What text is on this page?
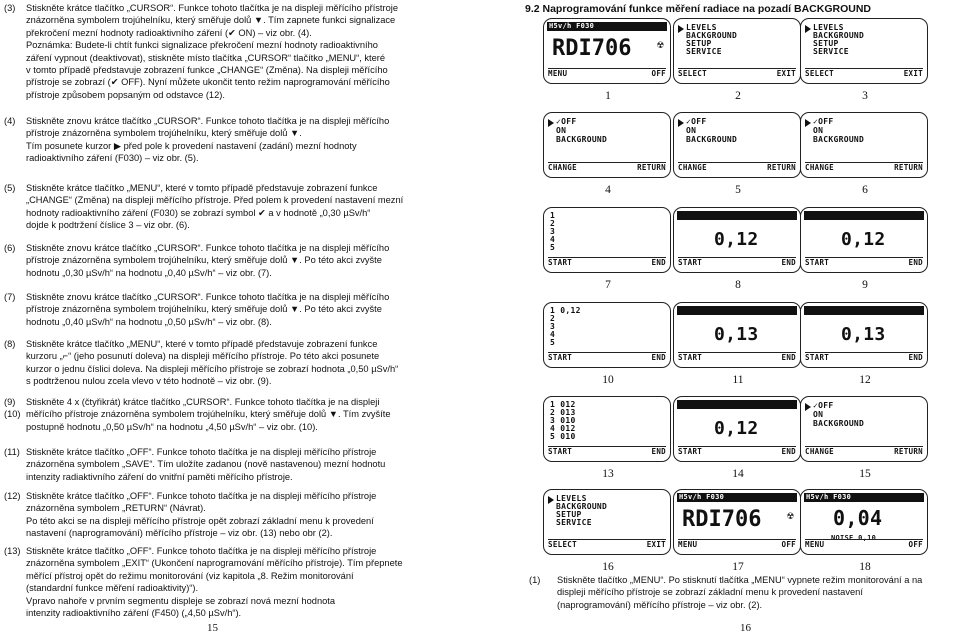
(3) Stiskněte krátce tlačítko „CURSOR“. Funkce tohoto tlačítka je na displeji měřícího přístroje
znázorněna symbolem trojúhelníku, který směřuje dolů ▼. Tím zapnete funkci signalizace
překročení mezní hodnoty radioaktivního záření (✔ ON) – viz obr. (4).
Poznámka: Budete-li chtít funkci signalizace překročení mezní hodnoty radioaktivního
záření vypnout (deaktivovat), stiskněte místo tlačítka „CURSOR“ tlačítko „MENU“, které
v tomto případě představuje zobrazení funkce „CHANGE“ (Změna). Na displeji měřícího
přístroje se zobrazí (✔ OFF). Nyní můžete ukončit tento režim naprogramování měřícího
přístroje způsobem popsaným od odstavce (12).
(4) Stiskněte znovu krátce tlačítko „CURSOR“. Funkce tohoto tlačítka je na displeji měřícího
přístroje znázorněna symbolem trojúhelníku, který směřuje dolů ▼.
Tím posunete kurzor ▶ před pole k provedení nastavení (zadání) mezní hodnoty
radioaktivního záření (F030) – viz obr. (5).
(5) Stiskněte krátce tlačítko „MENU“, které v tomto případě představuje zobrazení funkce
„CHANGE“ (Změna) na displeji měřícího přístroje. Před polem k provedení nastavení mezní
hodnoty radioaktivního záření (F030) se zobrazí symbol ✔ a v hodnotě „0,30 µSv/h“
dojde k podtržení číslice 3 – viz obr. (6).
(6) Stiskněte znovu krátce tlačítko „CURSOR“. Funkce tohoto tlačítka je na displeji měřícího
přístroje znázorněna symbolem trojúhelníku, který směřuje dolů ▼. Po této akci zvyšte
hodnotu „0,30 µSv/h“ na hodnotu „0,40 µSv/h“ – viz obr. (7).
(7) Stiskněte znovu krátce tlačítko „CURSOR“. Funkce tohoto tlačítka je na displeji měřícího
přístroje znázorněna symbolem trojúhelníku, který směřuje dolů ▼. Po této akci zvyšte
hodnotu „0,40 µSv/h“ na hodnotu „0,50 µSv/h“ – viz obr. (8).
(8) Stiskněte krátce tlačítko „MENU“, které v tomto případě představuje zobrazení funkce
kurzoru „⌐“ (jeho posunutí doleva) na displeji měřícího přístroje. Po této akci posunete
kurzor o jednu číslici doleva. Na displeji měřícího přístroje se zobrazí hodnota „0,50 µSv/h“
s podtrženou nulou zcela vlevo v této hodnotě – viz obr. (9).
(9) Stiskněte 4 x (čtyřikrát) krátce tlačítko „CURSOR“. Funkce tohoto tlačítka je na displeji
měřícího přístroje znázorněna symbolem trojúhelníku, který směřuje dolů ▼. Tím zvyšíte
postupně hodnotu „0,50 µSv/h“ na hodnotu „4,50 µSv/h“ – viz obr. (10).
(10)
(11) Stiskněte krátce tlačítko „OFF“. Funkce tohoto tlačítka je na displeji měřícího přístroje
znázorněna symbolem „SAVE“. Tím uložíte zadanou (nově nastavenou) mezní hodnotu
intenzity radiaktivního záření do vnitřní paměti měřícího přístroje.
(12) Stiskněte krátce tlačítko „OFF“. Funkce tohoto tlačítka je na displeji měřícího přístroje
znázorněna symbolem „RETURN“ (Návrat).
Po této akci se na displeji měřícího přístroje opět zobrazí základní menu k provedení
nastavení (naprogramování) měřícího přístroje – viz obr. (13) nebo obr (2).
(13) Stiskněte krátce tlačítko „OFF“. Funkce tohoto tlačítka je na displeji měřícího přístroje
znázorněna symbolem „EXIT“ (Ukončení naprogramování měřícího přístroje). Tím přepnete
měřící přístroj opět do režimu monitorování (viz kapitola „8. Režim monitorování
(standardní funkce měření radioaktivity)“).
Vpravo nahoře v prvním segmentu displeje se zobrazí nová mezní hodnota
intenzity radioaktivního záření (F450) („4,50 µSv/h“).
15
9.2 Naprogramování funkce měření radiace na pozadí BACKGROUND
H5v/h F030
RDI706 ☢
MENU	OFF
1
LEVELS
BACKGROUND
SETUP
SERVICE
SELECT	EXIT
2
LEVELS
BACKGROUND
SETUP
SERVICE
SELECT	EXIT
3
✓OFF
ON
BACKGROUND
CHANGE	RETURN
4
✓OFF
ON
BACKGROUND
CHANGE	RETURN
5
✓OFF
ON
BACKGROUND
CHANGE	RETURN
6
1
2
3
4
5
START	END
7
0,12
START	END
8
0,12
START	END
9
1 0,12
2
3
4
5
START	END
10
0,13
START	END
11
0,13
START	END
12
1 012
2 013
3 010
4 012
5 010
START	END
13
0,12
START	END
14
✓OFF
ON
BACKGROUND
CHANGE	RETURN
15
LEVELS
BACKGROUND
SETUP
SERVICE
SELECT	EXIT
16
H5v/h F030
RDI706 ☢
MENU	OFF
17
H5v/h F030
0,04
NOISE 0,10
MENU	OFF
18
(1) Stiskněte tlačítko „MENU“. Po stisknutí tlačítka „MENU“ vypnete režim monitorování a na
displeji měřícího přístroje se zobrazí základní menu k provedení nastavení
(naprogramování) měřícího přístroje – viz obr. (2).
16
